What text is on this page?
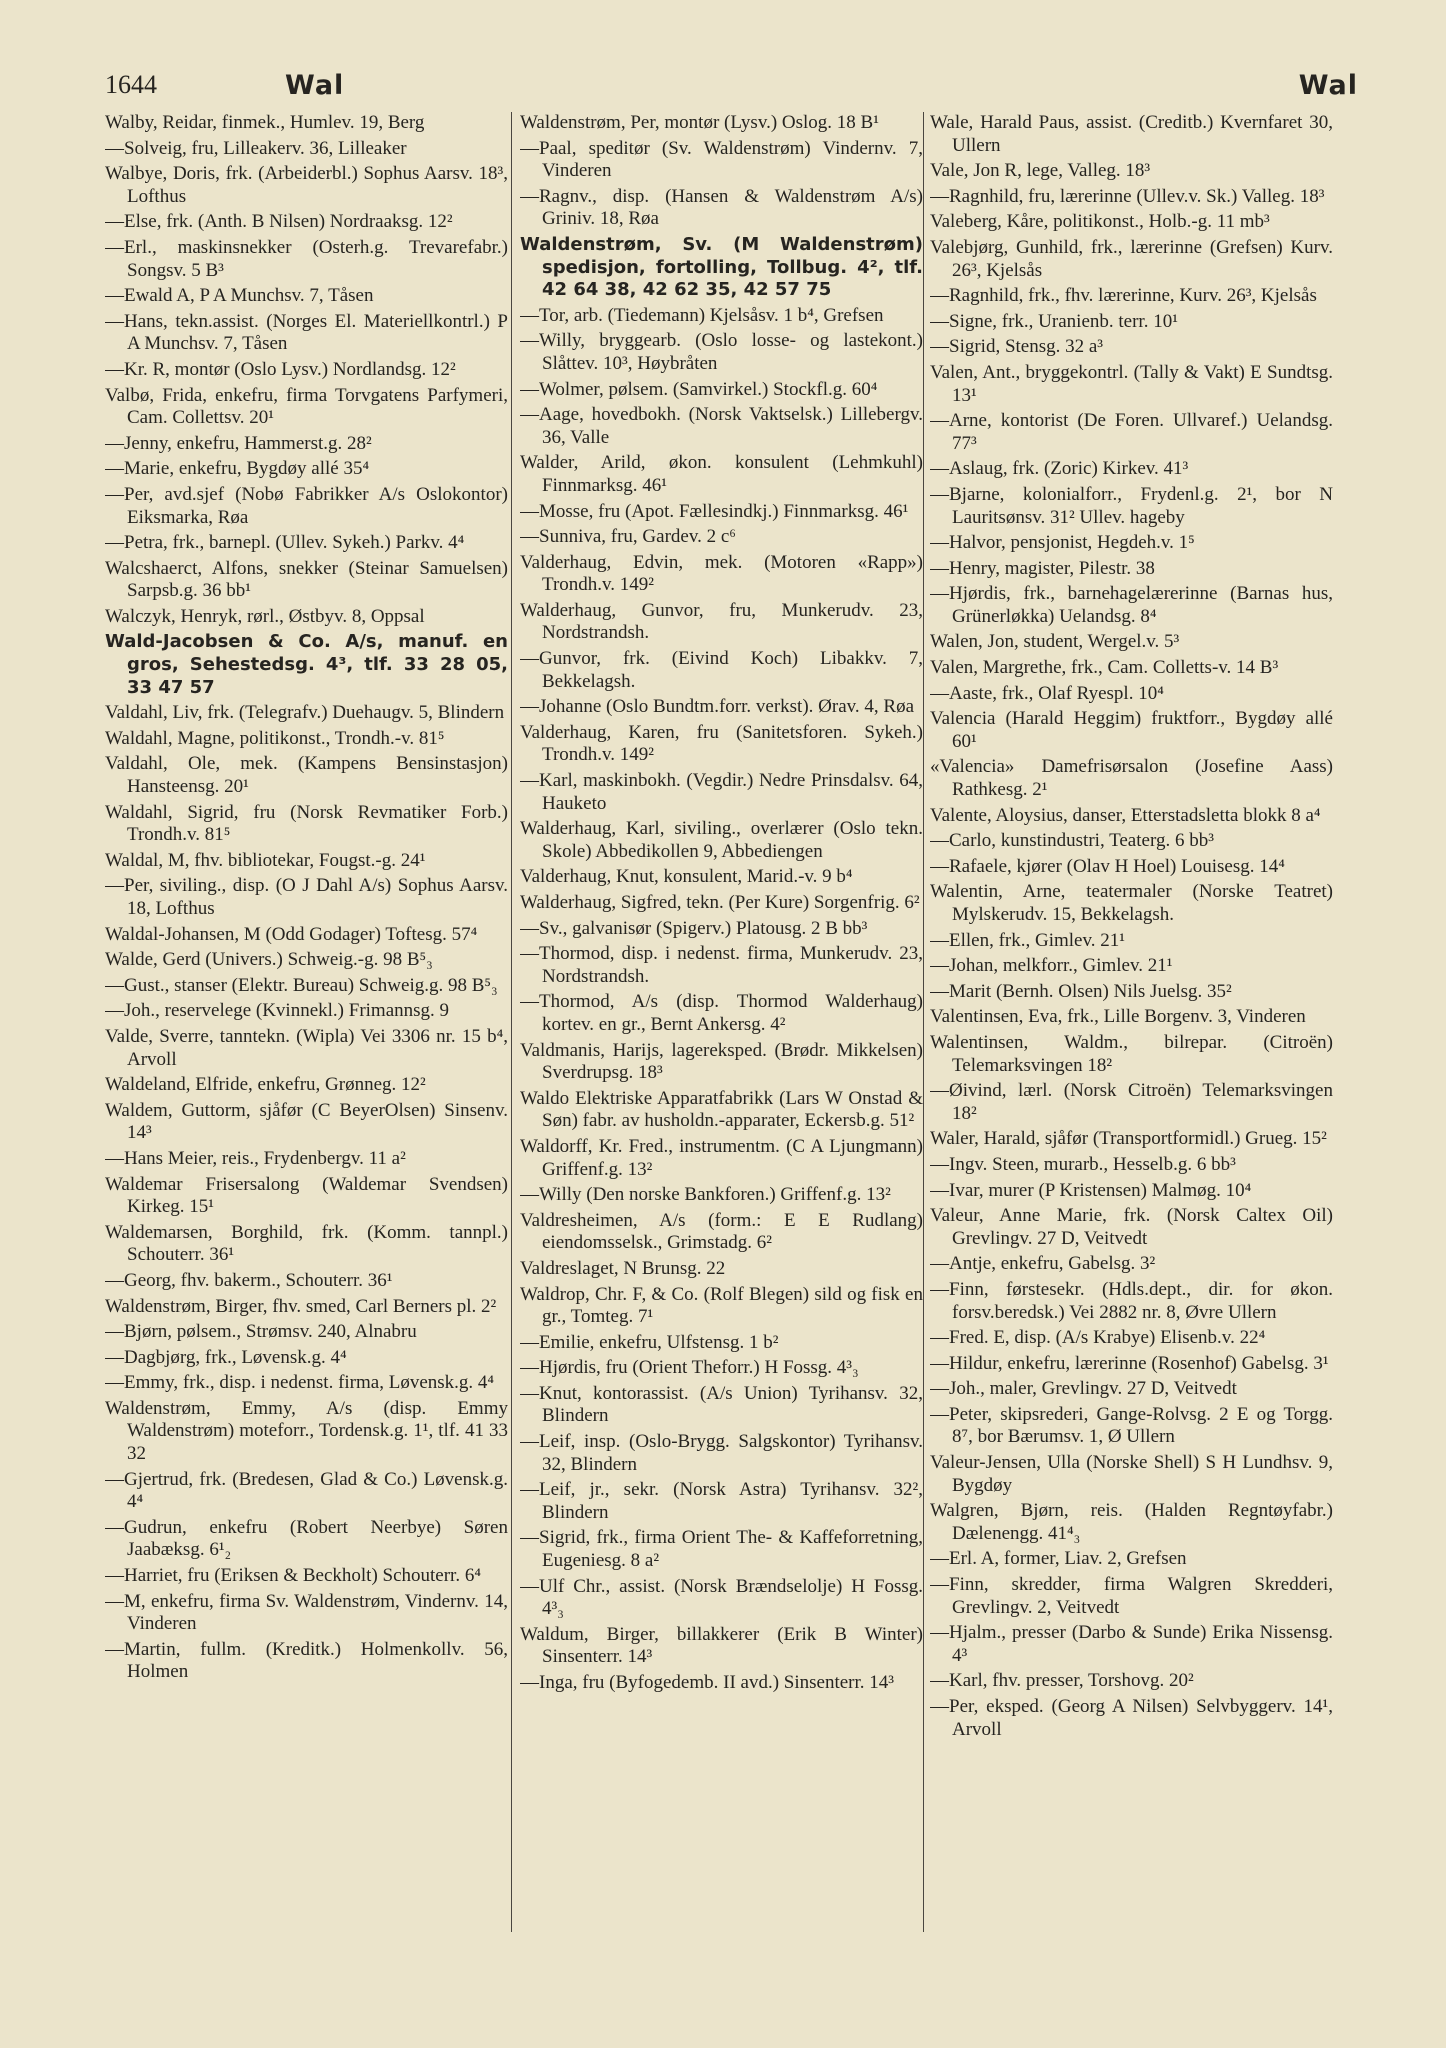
1644	Wal	Wal

Walby, Reidar, finmek., Humlev. 19, Berg

—Solveig, fru, Lilleakerv. 36, Lilleaker

Walbye, Doris, frk. (Arbeiderbl.) Sophus Aarsv. 18³, Lofthus

—Else, frk. (Anth. B Nilsen) Nordraaksg. 12²

—Erl., maskinsnekker (Osterh.g. Trevarefabr.) Songsv. 5 B³

—Ewald A, P A Munchsv. 7, Tåsen

—Hans, tekn.assist. (Norges El. Materiellkontrl.) P A Munchsv. 7, Tåsen

—Kr. R, montør (Oslo Lysv.) Nordlandsg. 12²

Valbø, Frida, enkefru, firma Torvgatens Parfymeri, Cam. Collettsv. 20¹

—Jenny, enkefru, Hammerst.g. 28²

—Marie, enkefru, Bygdøy allé 35⁴

—Per, avd.sjef (Nobø Fabrikker A/s Oslokontor) Eiksmarka, Røa

—Petra, frk., barnepl. (Ullev. Sykeh.) Parkv. 4⁴

Walcshaerct, Alfons, snekker (Steinar Samuelsen) Sarpsb.g. 36 bb¹

Walczyk, Henryk, rørl., Østbyv. 8, Oppsal

Wald-Jacobsen & Co. A/s, manuf. en gros, Sehestedsg. 4³, tlf. 33 28 05, 33 47 57

Valdahl, Liv, frk. (Telegrafv.) Duehaugv. 5, Blindern

Waldahl, Magne, politikonst., Trondh.-v. 81⁵

Valdahl, Ole, mek. (Kampens Bensinstasjon) Hansteensg. 20¹

Waldahl, Sigrid, fru (Norsk Revmatiker Forb.) Trondh.v. 81⁵

Waldal, M, fhv. bibliotekar, Fougst.-g. 24¹

—Per, siviling., disp. (O J Dahl A/s) Sophus Aarsv. 18, Lofthus

Waldal-Johansen, M (Odd Godager) Toftesg. 57⁴

Walde, Gerd (Univers.) Schweig.-g. 98 B⁵₃

—Gust., stanser (Elektr. Bureau) Schweig.g. 98 B⁵₃

—Joh., reservelege (Kvinnekl.) Frimannsg. 9

Valde, Sverre, tanntekn. (Wipla) Vei 3306 nr. 15 b⁴, Arvoll

Waldeland, Elfride, enkefru, Grønneg. 12²

Waldem, Guttorm, sjåfør (C BeyerOlsen) Sinsenv. 14³

—Hans Meier, reis., Frydenbergv. 11 a²

Waldemar Frisersalong (Waldemar Svendsen) Kirkeg. 15¹

Waldemarsen, Borghild, frk. (Komm. tannpl.) Schouterr. 36¹

—Georg, fhv. bakerm., Schouterr. 36¹

Waldenstrøm, Birger, fhv. smed, Carl Berners pl. 2²

—Bjørn, pølsem., Strømsv. 240, Alnabru

—Dagbjørg, frk., Løvensk.g. 4⁴

—Emmy, frk., disp. i nedenst. firma, Løvensk.g. 4⁴

Waldenstrøm, Emmy, A/s (disp. Emmy Waldenstrøm) moteforr., Tordensk.g. 1¹, tlf. 41 33 32

—Gjertrud, frk. (Bredesen, Glad & Co.) Løvensk.g. 4⁴

—Gudrun, enkefru (Robert Neerbye) Søren Jaabæksg. 6¹₂

—Harriet, fru (Eriksen & Beckholt) Schouterr. 6⁴

—M, enkefru, firma Sv. Waldenstrøm, Vindernv. 14, Vinderen

—Martin, fullm. (Kreditk.) Holmenkollv. 56, Holmen

Waldenstrøm, Per, montør (Lysv.) Oslog. 18 B¹

—Paal, speditør (Sv. Waldenstrøm) Vindernv. 7, Vinderen

—Ragnv., disp. (Hansen & Waldenstrøm A/s) Griniv. 18, Røa

Waldenstrøm, Sv. (M Waldenstrøm) spedisjon, fortolling, Tollbug. 4², tlf. 42 64 38, 42 62 35, 42 57 75

—Tor, arb. (Tiedemann) Kjelsåsv. 1 b⁴, Grefsen

—Willy, bryggearb. (Oslo losse- og lastekont.) Slåttev. 10³, Høybråten

—Wolmer, pølsem. (Samvirkel.) Stockfl.g. 60⁴

—Aage, hovedbokh. (Norsk Vaktselsk.) Lillebergv. 36, Valle

Walder, Arild, økon. konsulent (Lehmkuhl) Finnmarksg. 46¹

—Mosse, fru (Apot. Fællesindkj.) Finnmarksg. 46¹

—Sunniva, fru, Gardev. 2 c⁶

Valderhaug, Edvin, mek. (Motoren «Rapp») Trondh.v. 149²

Walderhaug, Gunvor, fru, Munkerudv. 23, Nordstrandsh.

—Gunvor, frk. (Eivind Koch) Libakkv. 7, Bekkelagsh.

—Johanne (Oslo Bundtm.forr. verkst). Ørav. 4, Røa

Valderhaug, Karen, fru (Sanitetsforen. Sykeh.) Trondh.v. 149²

—Karl, maskinbokh. (Vegdir.) Nedre Prinsdalsv. 64, Hauketo

Walderhaug, Karl, siviling., overlærer (Oslo tekn. Skole) Abbedikollen 9, Abbediengen

Valderhaug, Knut, konsulent, Marid.-v. 9 b⁴

Walderhaug, Sigfred, tekn. (Per Kure) Sorgenfrig. 6²

—Sv., galvanisør (Spigerv.) Platousg. 2 B bb³

—Thormod, disp. i nedenst. firma, Munkerudv. 23, Nordstrandsh.

—Thormod, A/s (disp. Thormod Walderhaug) kortev. en gr., Bernt Ankersg. 4²

Valdmanis, Harijs, lagereksped. (Brødr. Mikkelsen) Sverdrupsg. 18³

Waldo Elektriske Apparatfabrikk (Lars W Onstad & Søn) fabr. av husholdn.-apparater, Eckersb.g. 51²

Waldorff, Kr. Fred., instrumentm. (C A Ljungmann) Griffenf.g. 13²

—Willy (Den norske Bankforen.) Griffenf.g. 13²

Valdresheimen, A/s (form.: E E Rudlang) eiendomsselsk., Grimstadg. 6²

Valdreslaget, N Brunsg. 22

Waldrop, Chr. F, & Co. (Rolf Blegen) sild og fisk en gr., Tomteg. 7¹

—Emilie, enkefru, Ulfstensg. 1 b²

—Hjørdis, fru (Orient Theforr.) H Fossg. 4³₃

—Knut, kontorassist. (A/s Union) Tyrihansv. 32, Blindern

—Leif, insp. (Oslo-Brygg. Salgskontor) Tyrihansv. 32, Blindern

—Leif, jr., sekr. (Norsk Astra) Tyrihansv. 32², Blindern

—Sigrid, frk., firma Orient The- & Kaffeforretning, Eugeniesg. 8 a²

—Ulf Chr., assist. (Norsk Brændselolje) H Fossg. 4³₃

Waldum, Birger, billakkerer (Erik B Winter) Sinsenterr. 14³

—Inga, fru (Byfogedemb. II avd.) Sinsenterr. 14³

Wale, Harald Paus, assist. (Creditb.) Kvernfaret 30, Ullern

Vale, Jon R, lege, Valleg. 18³

—Ragnhild, fru, lærerinne (Ullev.v. Sk.) Valleg. 18³

Valeberg, Kåre, politikonst., Holb.-g. 11 mb³

Valebjørg, Gunhild, frk., lærerinne (Grefsen) Kurv. 26³, Kjelsås

—Ragnhild, frk., fhv. lærerinne, Kurv. 26³, Kjelsås

—Signe, frk., Uranienb. terr. 10¹

—Sigrid, Stensg. 32 a³

Valen, Ant., bryggekontrl. (Tally & Vakt) E Sundtsg. 13¹

—Arne, kontorist (De Foren. Ullvaref.) Uelandsg. 77³

—Aslaug, frk. (Zoric) Kirkev. 41³

—Bjarne, kolonialforr., Frydenl.g. 2¹, bor N Lauritsønsv. 31² Ullev. hageby

—Halvor, pensjonist, Hegdeh.v. 1⁵

—Henry, magister, Pilestr. 38

—Hjørdis, frk., barnehagelærerinne (Barnas hus, Grünerløkka) Uelandsg. 8⁴

Walen, Jon, student, Wergel.v. 5³

Valen, Margrethe, frk., Cam. Colletts-v. 14 B³

—Aaste, frk., Olaf Ryespl. 10⁴

Valencia (Harald Heggim) fruktforr., Bygdøy allé 60¹

«Valencia» Damefrisørsalon (Josefine Aass) Rathkesg. 2¹

Valente, Aloysius, danser, Etterstadsletta blokk 8 a⁴

—Carlo, kunstindustri, Teaterg. 6 bb³

—Rafaele, kjører (Olav H Hoel) Louisesg. 14⁴

Walentin, Arne, teatermaler (Norske Teatret) Mylskerudv. 15, Bekkelagsh.

—Ellen, frk., Gimlev. 21¹

—Johan, melkforr., Gimlev. 21¹

—Marit (Bernh. Olsen) Nils Juelsg. 35²

Valentinsen, Eva, frk., Lille Borgenv. 3, Vinderen

Walentinsen, Waldm., bilrepar. (Citroën) Telemarksvingen 18²

—Øivind, lærl. (Norsk Citroën) Telemarksvingen 18²

Waler, Harald, sjåfør (Transportformidl.) Grueg. 15²

—Ingv. Steen, murarb., Hesselb.g. 6 bb³

—Ivar, murer (P Kristensen) Malmøg. 10⁴

Valeur, Anne Marie, frk. (Norsk Caltex Oil) Grevlingv. 27 D, Veitvedt

—Antje, enkefru, Gabelsg. 3²

—Finn, førstesekr. (Hdls.dept., dir. for økon. forsv.beredsk.) Vei 2882 nr. 8, Øvre Ullern

—Fred. E, disp. (A/s Krabye) Elisenb.v. 22⁴

—Hildur, enkefru, lærerinne (Rosenhof) Gabelsg. 3¹

—Joh., maler, Grevlingv. 27 D, Veitvedt

—Peter, skipsrederi, Gange-Rolvsg. 2 E og Torgg. 8⁷, bor Bærumsv. 1, Ø Ullern

Valeur-Jensen, Ulla (Norske Shell) S H Lundhsv. 9, Bygdøy

Walgren, Bjørn, reis. (Halden Regntøyfabr.) Dælenengg. 41⁴₃

—Erl. A, former, Liav. 2, Grefsen

—Finn, skredder, firma Walgren Skredderi, Grevlingv. 2, Veitvedt

—Hjalm., presser (Darbo & Sunde) Erika Nissensg. 4³

—Karl, fhv. presser, Torshovg. 20²

—Per, eksped. (Georg A Nilsen) Selvbyggerv. 14¹, Arvoll
